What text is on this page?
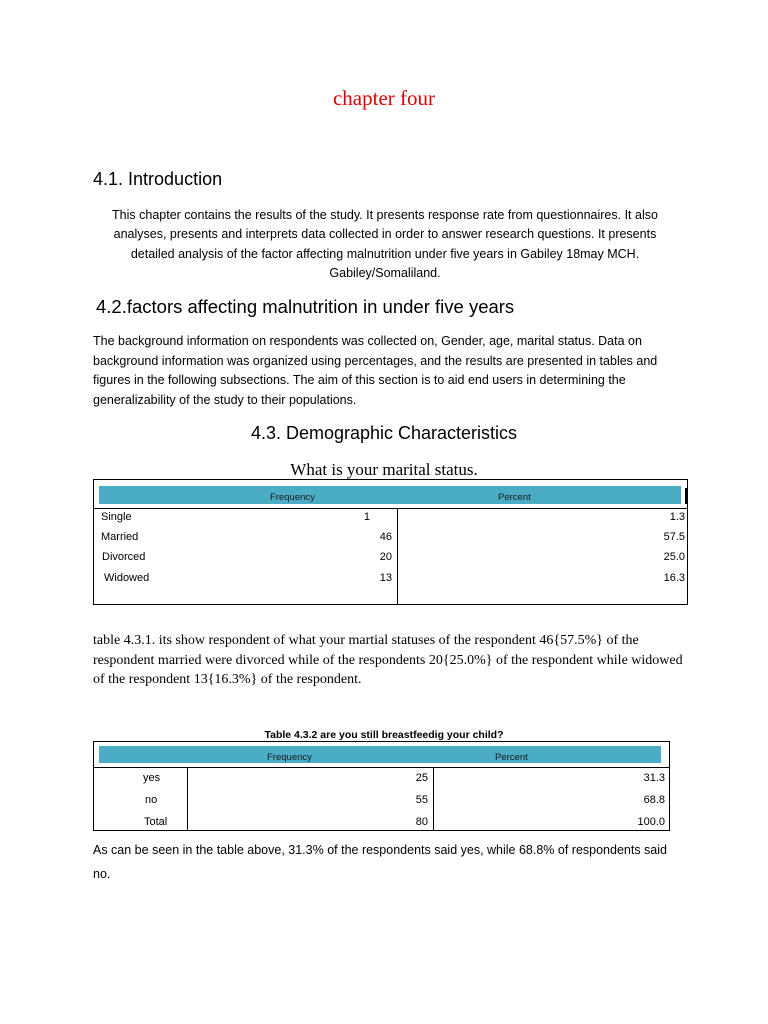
chapter four
4.1. Introduction
This chapter contains the results of the study. It presents response rate from questionnaires. It also analyses, presents and interprets data collected in order to answer research questions. It presents detailed analysis of the factor affecting malnutrition under five years in Gabiley 18may MCH. Gabiley/Somaliland.
4.2.factors affecting malnutrition in under five years
The background information on respondents was collected on, Gender, age, marital status. Data on background information was organized using percentages, and the results are presented in tables and figures in the following subsections. The aim of this section is to aid end users in determining the generalizability of the study to their populations.
4.3. Demographic Characteristics
What is your marital status.
Frequency	Percent
Single	1	1.3
Married	46	57.5
Divorced	20	25.0
Widowed	13	16.3
table 4.3.1. its show respondent of what your martial statuses of the respondent 46{57.5%} of the respondent married were divorced while of the respondents 20{25.0%} of the respondent while widowed of the respondent 13{16.3%} of the respondent.
Table 4.3.2 are you still breastfeedig your child?
Frequency	Percent
yes	25	31.3
no	55	68.8
Total	80	100.0
As can be seen in the table above, 31.3% of the respondents said yes, while 68.8% of respondents said no.
